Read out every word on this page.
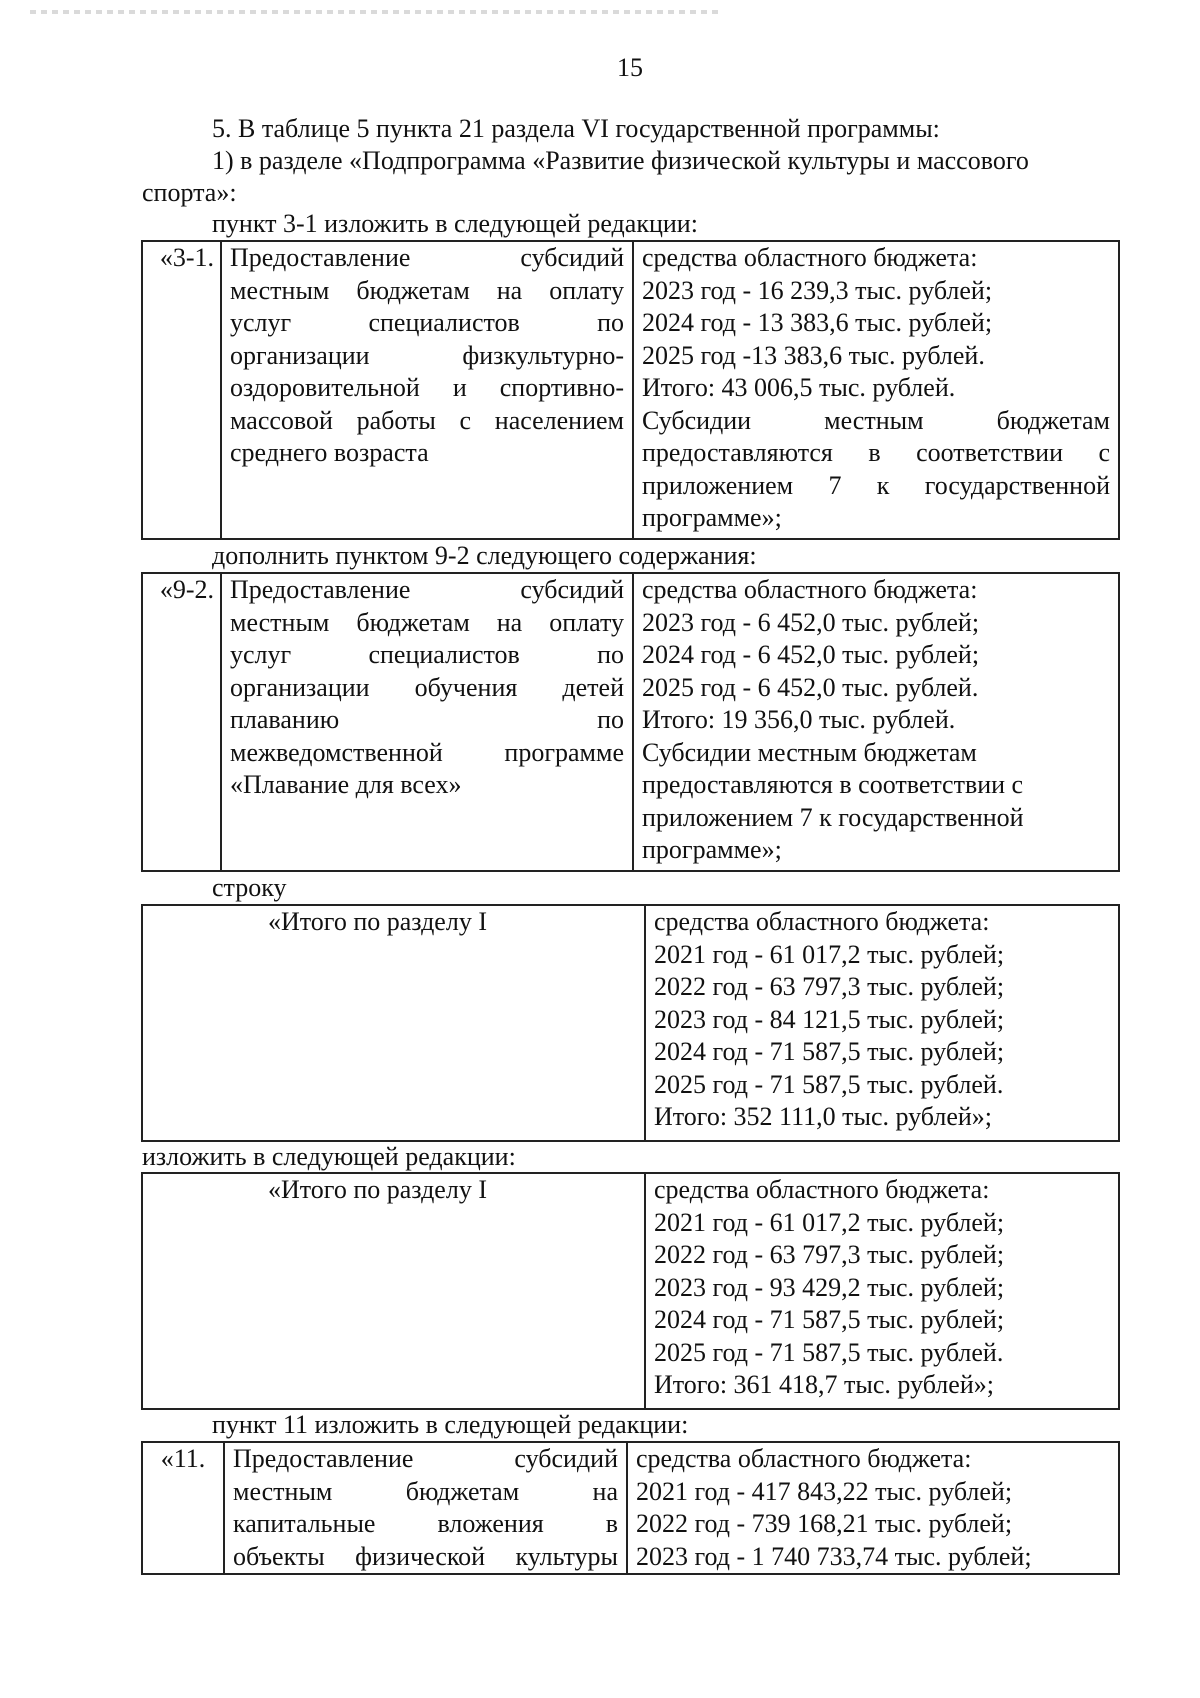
15
5. В таблице 5 пункта 21 раздела VI государственной программы:
1) в разделе «Подпрограмма «Развитие физической культуры и массового
спорта»:
пункт 3-1 изложить в следующей редакции:
«3-1.	Предоставление субсидий
местным бюджетам на оплату
услуг специалистов по
организации физкультурно-
оздоровительной и спортивно-
массовой работы с населением
среднего возраста

средства областного бюджета:
2023 год - 16 239,3 тыс. рублей;
2024 год - 13 383,6 тыс. рублей;
2025 год -13 383,6 тыс. рублей.
Итого: 43 006,5 тыс. рублей.
Субсидии местным бюджетам
предоставляются в соответствии с
приложением 7 к государственной
программе»;
дополнить пунктом 9-2 следующего содержания:
«9-2.	Предоставление субсидий
местным бюджетам на оплату
услуг специалистов по
организации обучения детей
плаванию по
межведомственной программе
«Плавание для всех»

средства областного бюджета:
2023 год - 6 452,0 тыс. рублей;
2024 год - 6 452,0 тыс. рублей;
2025 год - 6 452,0 тыс. рублей.
Итого: 19 356,0 тыс. рублей.
Субсидии местным бюджетам
предоставляются в соответствии с
приложением 7 к государственной
программе»;
строку
«Итого по разделу I	средства областного бюджета:
2021 год - 61 017,2 тыс. рублей;
2022 год - 63 797,3 тыс. рублей;
2023 год - 84 121,5 тыс. рублей;
2024 год - 71 587,5 тыс. рублей;
2025 год - 71 587,5 тыс. рублей.
Итого: 352 111,0 тыс. рублей»;
изложить в следующей редакции:
«Итого по разделу I	средства областного бюджета:
2021 год - 61 017,2 тыс. рублей;
2022 год - 63 797,3 тыс. рублей;
2023 год - 93 429,2 тыс. рублей;
2024 год - 71 587,5 тыс. рублей;
2025 год - 71 587,5 тыс. рублей.
Итого: 361 418,7 тыс. рублей»;
пункт 11 изложить в следующей редакции:
«11.	Предоставление субсидий
местным бюджетам на
капитальные вложения в
объекты физической культуры

средства областного бюджета:
2021 год - 417 843,22 тыс. рублей;
2022 год - 739 168,21 тыс. рублей;
2023 год - 1 740 733,74 тыс. рублей;
